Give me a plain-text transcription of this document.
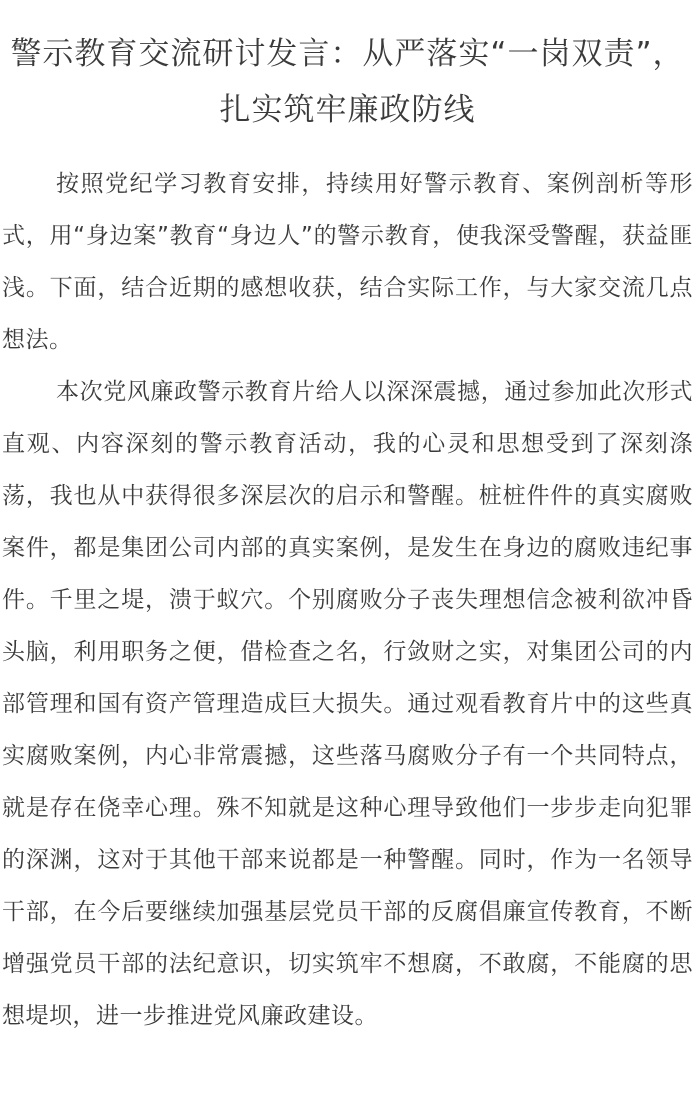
警示教育交流研讨发言：从严落实“一岗双责”，扎实筑牢廉政防线

按照党纪学习教育安排，持续用好警示教育、案例剖析等形式，用“身边案”教育“身边人”的警示教育，使我深受警醒，获益匪浅。下面，结合近期的感想收获，结合实际工作，与大家交流几点想法。

本次党风廉政警示教育片给人以深深震撼，通过参加此次形式直观、内容深刻的警示教育活动，我的心灵和思想受到了深刻涤荡，我也从中获得很多深层次的启示和警醒。桩桩件件的真实腐败案件，都是集团公司内部的真实案例，是发生在身边的腐败违纪事件。千里之堤，溃于蚁穴。个别腐败分子丧失理想信念被利欲冲昏头脑，利用职务之便，借检查之名，行敛财之实，对集团公司的内部管理和国有资产管理造成巨大损失。通过观看教育片中的这些真实腐败案例，内心非常震撼，这些落马腐败分子有一个共同特点，就是存在侥幸心理。殊不知就是这种心理导致他们一步步走向犯罪的深渊，这对于其他干部来说都是一种警醒。同时，作为一名领导干部，在今后要继续加强基层党员干部的反腐倡廉宣传教育，不断增强党员干部的法纪意识，切实筑牢不想腐，不敢腐，不能腐的思想堤坝，进一步推进党风廉政建设。
